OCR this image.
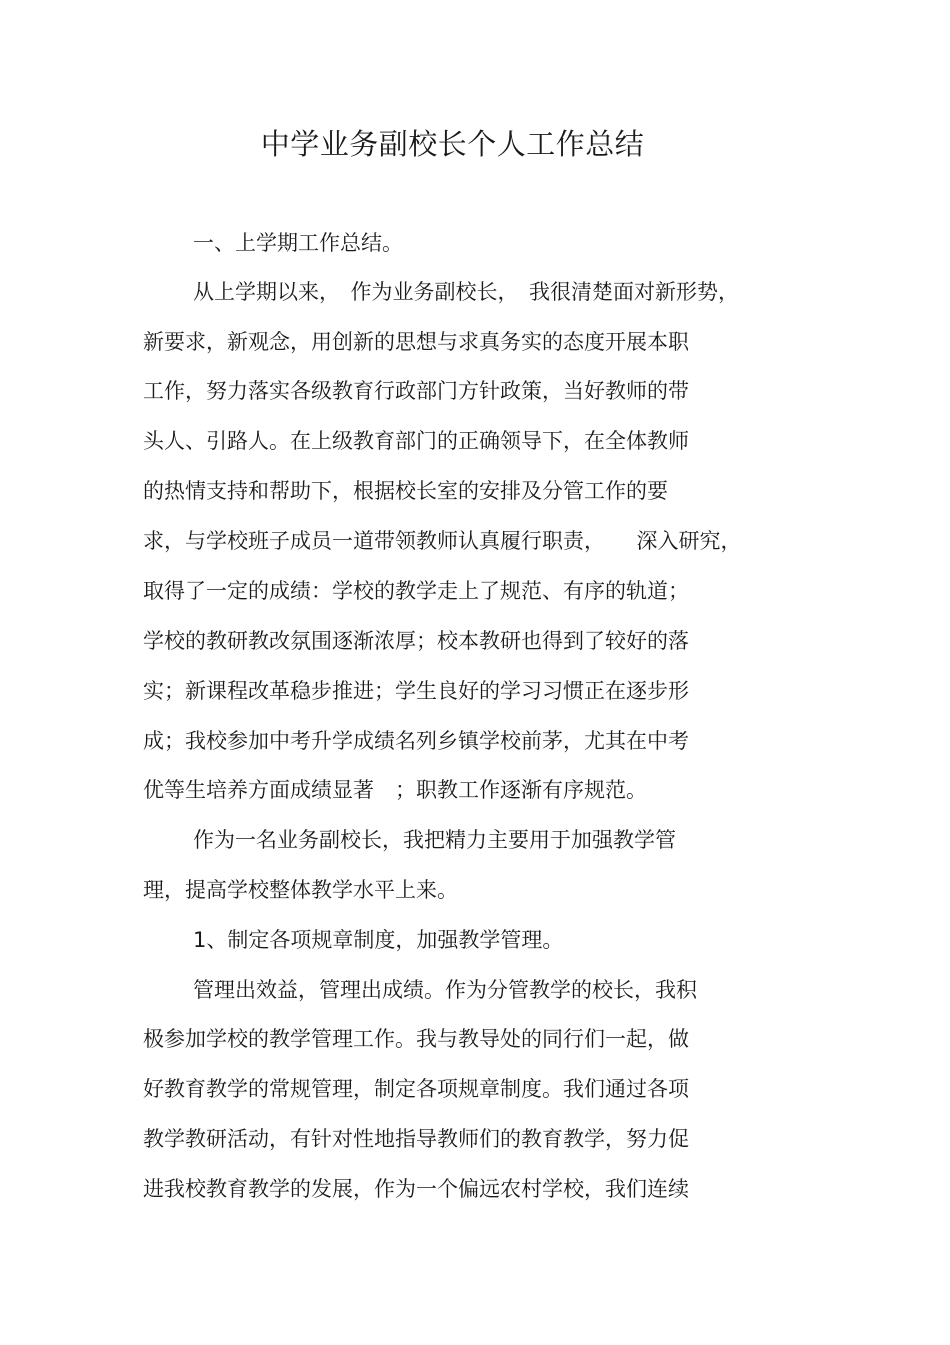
中学业务副校长个人工作总结

一、上学期工作总结。

从上学期以来，　作为业务副校长，　我很清楚面对新形势，

新要求，新观念，用创新的思想与求真务实的态度开展本职

工作，努力落实各级教育行政部门方针政策，当好教师的带

头人、引路人。在上级教育部门的正确领导下，在全体教师

的热情支持和帮助下，根据校长室的安排及分管工作的要

求，与学校班子成员一道带领教师认真履行职责，　　深入研究，

取得了一定的成绩：学校的教学走上了规范、有序的轨道；

学校的教研教改氛围逐渐浓厚；校本教研也得到了较好的落

实；新课程改革稳步推进；学生良好的学习习惯正在逐步形

成；我校参加中考升学成绩名列乡镇学校前茅，尤其在中考

优等生培养方面成绩显著　；职教工作逐渐有序规范。

作为一名业务副校长，我把精力主要用于加强教学管

理，提高学校整体教学水平上来。

1、制定各项规章制度，加强教学管理。

管理出效益，管理出成绩。作为分管教学的校长，我积

极参加学校的教学管理工作。我与教导处的同行们一起，做

好教育教学的常规管理，制定各项规章制度。我们通过各项

教学教研活动，有针对性地指导教师们的教育教学，努力促

进我校教育教学的发展，作为一个偏远农村学校，我们连续
